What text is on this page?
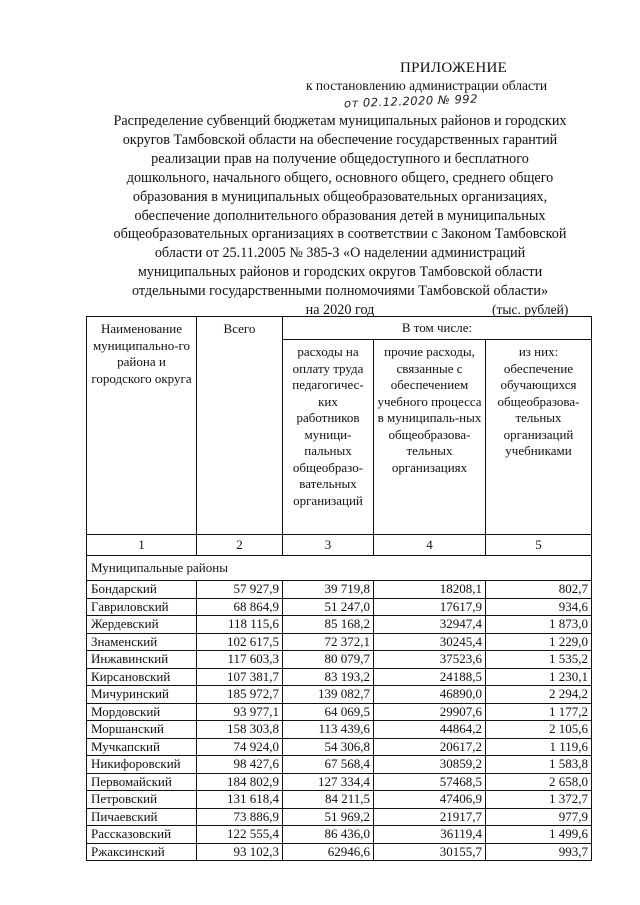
ПРИЛОЖЕНИЕ
к постановлению администрации области
от 02.12.2020 № 992
Распределение субвенций бюджетам муниципальных районов и городских
округов Тамбовской области на обеспечение государственных гарантий
реализации прав на получение общедоступного и бесплатного
дошкольного, начального общего, основного общего, среднего общего
образования в муниципальных общеобразовательных организациях,
обеспечение дополнительного образования детей в муниципальных
общеобразовательных организациях в соответствии с Законом Тамбовской
области от 25.11.2005 № 385-З «О наделении администраций
муниципальных районов и городских округов Тамбовской области
отдельными государственными полномочиями Тамбовской области»
на 2020 год	(тыс. рублей)
Наименование муниципально-го района и городского округа	Всего	В том числе:		
		расходы на оплату труда педагогичес-ких работников муници-пальных общеобразо-вательных организаций	прочие расходы, связанные с обеспечением учебного процесса в муниципаль-ных общеобразова-тельных организациях	из них: обеспечение обучающихся общеобразова-тельных организаций учебниками
1	2	3	4	5
Муниципальные районы				
Бондарский	57 927,9	39 719,8	18208,1	802,7
Гавриловский	68 864,9	51 247,0	17617,9	934,6
Жердевский	118 115,6	85 168,2	32947,4	1 873,0
Знаменский	102 617,5	72 372,1	30245,4	1 229,0
Инжавинский	117 603,3	80 079,7	37523,6	1 535,2
Кирсановский	107 381,7	83 193,2	24188,5	1 230,1
Мичуринский	185 972,7	139 082,7	46890,0	2 294,2
Мордовский	93 977,1	64 069,5	29907,6	1 177,2
Моршанский	158 303,8	113 439,6	44864,2	2 105,6
Мучкапский	74 924,0	54 306,8	20617,2	1 119,6
Никифоровский	98 427,6	67 568,4	30859,2	1 583,8
Первомайский	184 802,9	127 334,4	57468,5	2 658,0
Петровский	131 618,4	84 211,5	47406,9	1 372,7
Пичаевский	73 886,9	51 969,2	21917,7	977,9
Рассказовский	122 555,4	86 436,0	36119,4	1 499,6
Ржаксинский	93 102,3	62946,6	30155,7	993,7
